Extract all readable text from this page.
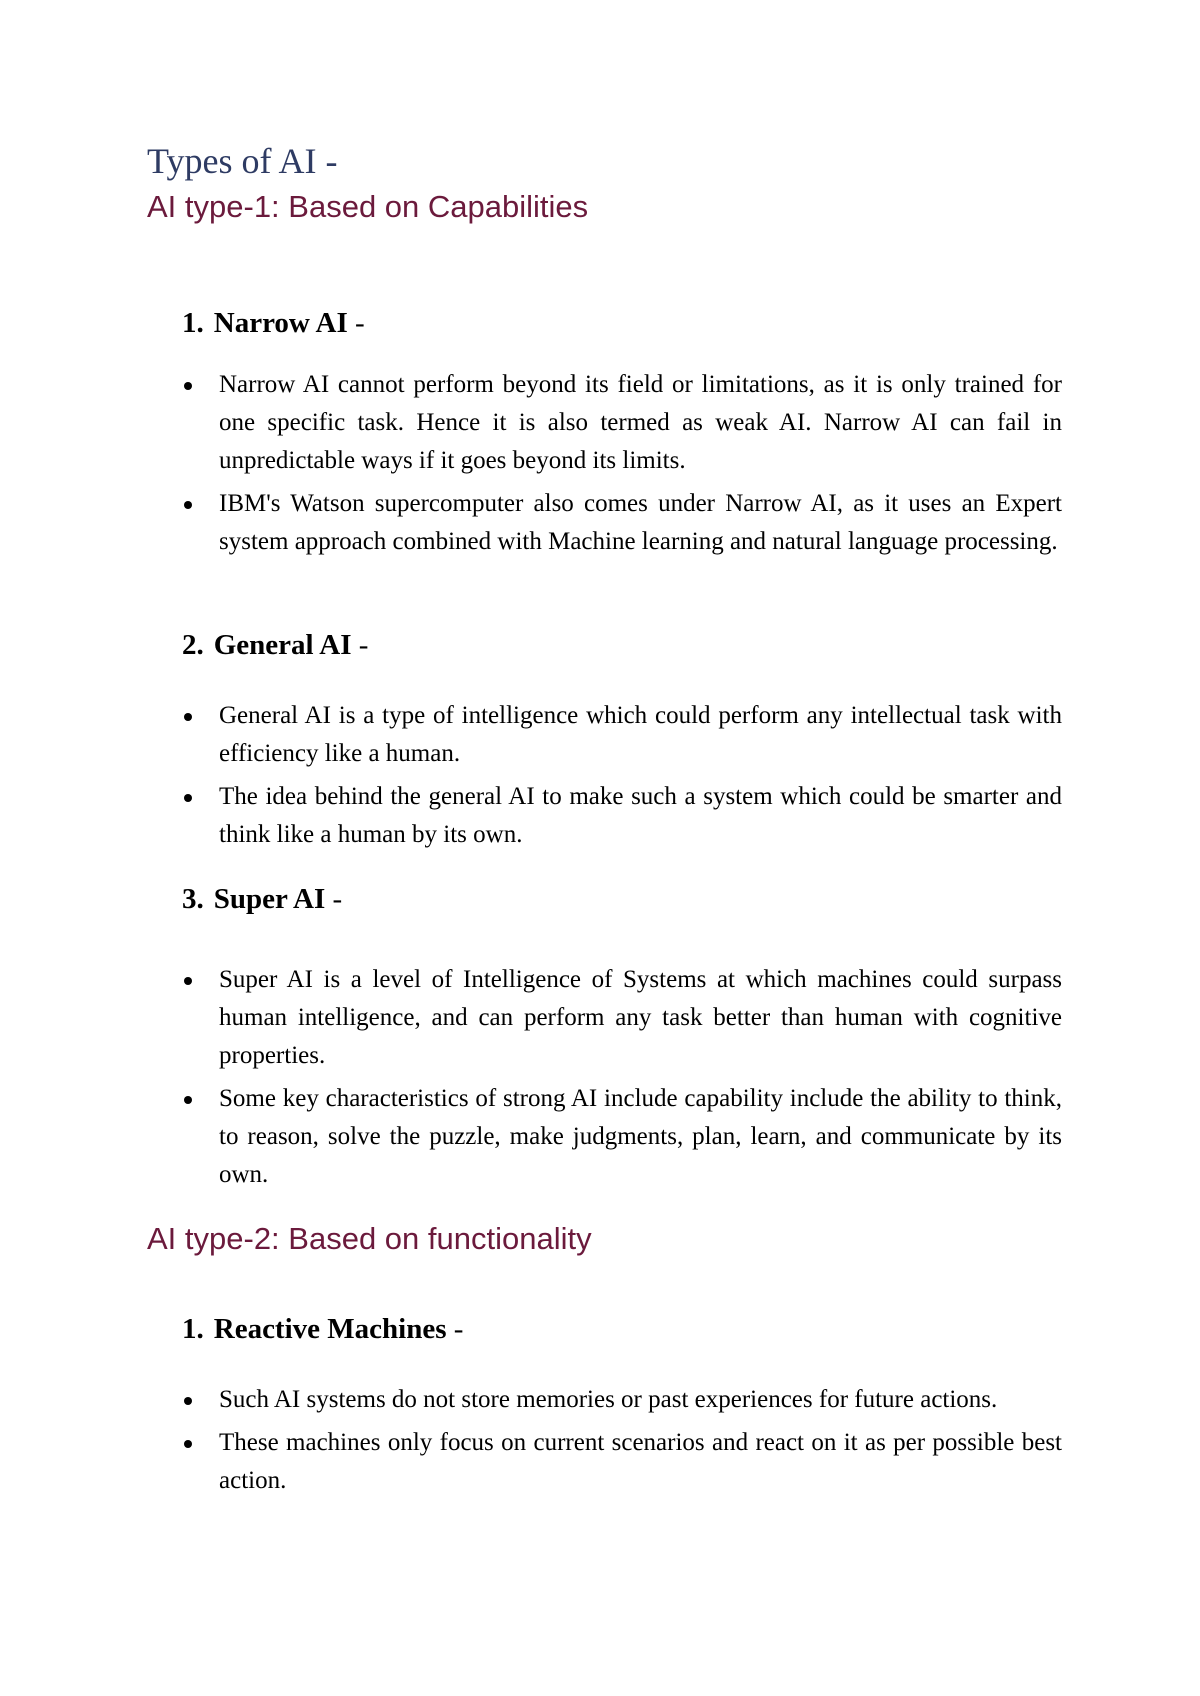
Types of AI -
AI type-1: Based on Capabilities
1. Narrow AI -
Narrow AI cannot perform beyond its field or limitations, as it is only trained for one specific task. Hence it is also termed as weak AI. Narrow AI can fail in unpredictable ways if it goes beyond its limits.
IBM's Watson supercomputer also comes under Narrow AI, as it uses an Expert system approach combined with Machine learning and natural language processing.
2. General AI -
General AI is a type of intelligence which could perform any intellectual task with efficiency like a human.
The idea behind the general AI to make such a system which could be smarter and think like a human by its own.
3. Super AI -
Super AI is a level of Intelligence of Systems at which machines could surpass human intelligence, and can perform any task better than human with cognitive properties.
Some key characteristics of strong AI include capability include the ability to think, to reason, solve the puzzle, make judgments, plan, learn, and communicate by its own.
AI type-2: Based on functionality
1. Reactive Machines -
Such AI systems do not store memories or past experiences for future actions.
These machines only focus on current scenarios and react on it as per possible best action.
